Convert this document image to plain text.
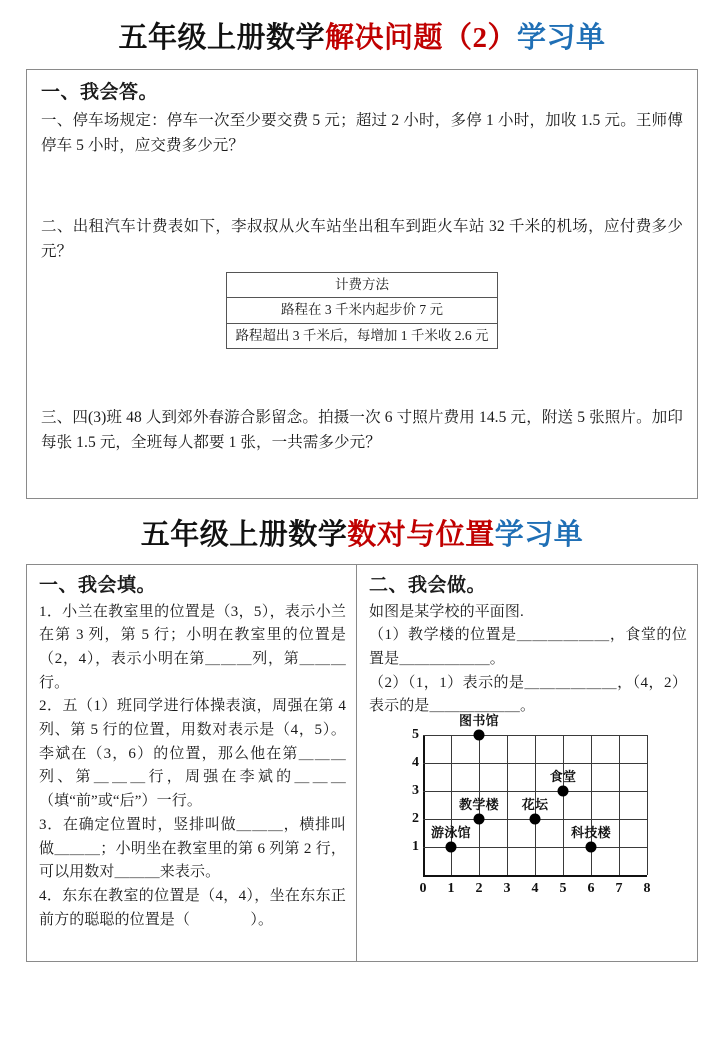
五年级上册数学解决问题（2）学习单
一、我会答。

一、停车场规定：停车一次至少要交费 5 元；超过 2 小时，多停 1 小时，加收 1.5 元。王师傅停车 5 小时，应交费多少元？

二、出租汽车计费表如下，李叔叔从火车站坐出租车到距火车站 32 千米的机场，应付费多少元？

计费方法
路程在 3 千米内起步价 7 元
路程超出 3 千米后，每增加 1 千米收 2.6 元

三、四(3)班 48 人到郊外春游合影留念。拍摄一次 6 寸照片费用 14.5 元，附送 5 张照片。加印每张 1.5 元，全班每人都要 1 张，一共需多少元？

五年级上册数学数对与位置学习单
一、我会填。

1．小兰在教室里的位置是（3，5），表示小兰在第 3 列，第 5 行；小明在教室里的位置是（2，4），表示小明在第＿＿＿列，第＿＿＿行。

2．五（1）班同学进行体操表演，周强在第 4 列、第 5 行的位置，用数对表示是（4，5）。李斌在（3，6）的位置，那么他在第＿＿＿列、第＿＿＿行，周强在李斌的＿＿＿（填“前”或“后”）一行。

3．在确定位置时，竖排叫做＿＿＿，横排叫做＿＿＿；小明坐在教室里的第 6 列第 2 行，可以用数对＿＿＿来表示。

4．东东在教室的位置是（4，4），坐在东东正前方的聪聪的位置是（　　　　）。

二、我会做。

如图是某学校的平面图.

（1）教学楼的位置是＿＿＿＿＿＿，食堂的位置是＿＿＿＿＿＿。

（2）（1，1）表示的是＿＿＿＿＿＿，（4，2）表示的是＿＿＿＿＿＿。

图书馆
食堂
教学楼 花坛
游泳馆	科技楼
0 1 2 3 4 5 6 7 8
1
2
3
4
5
